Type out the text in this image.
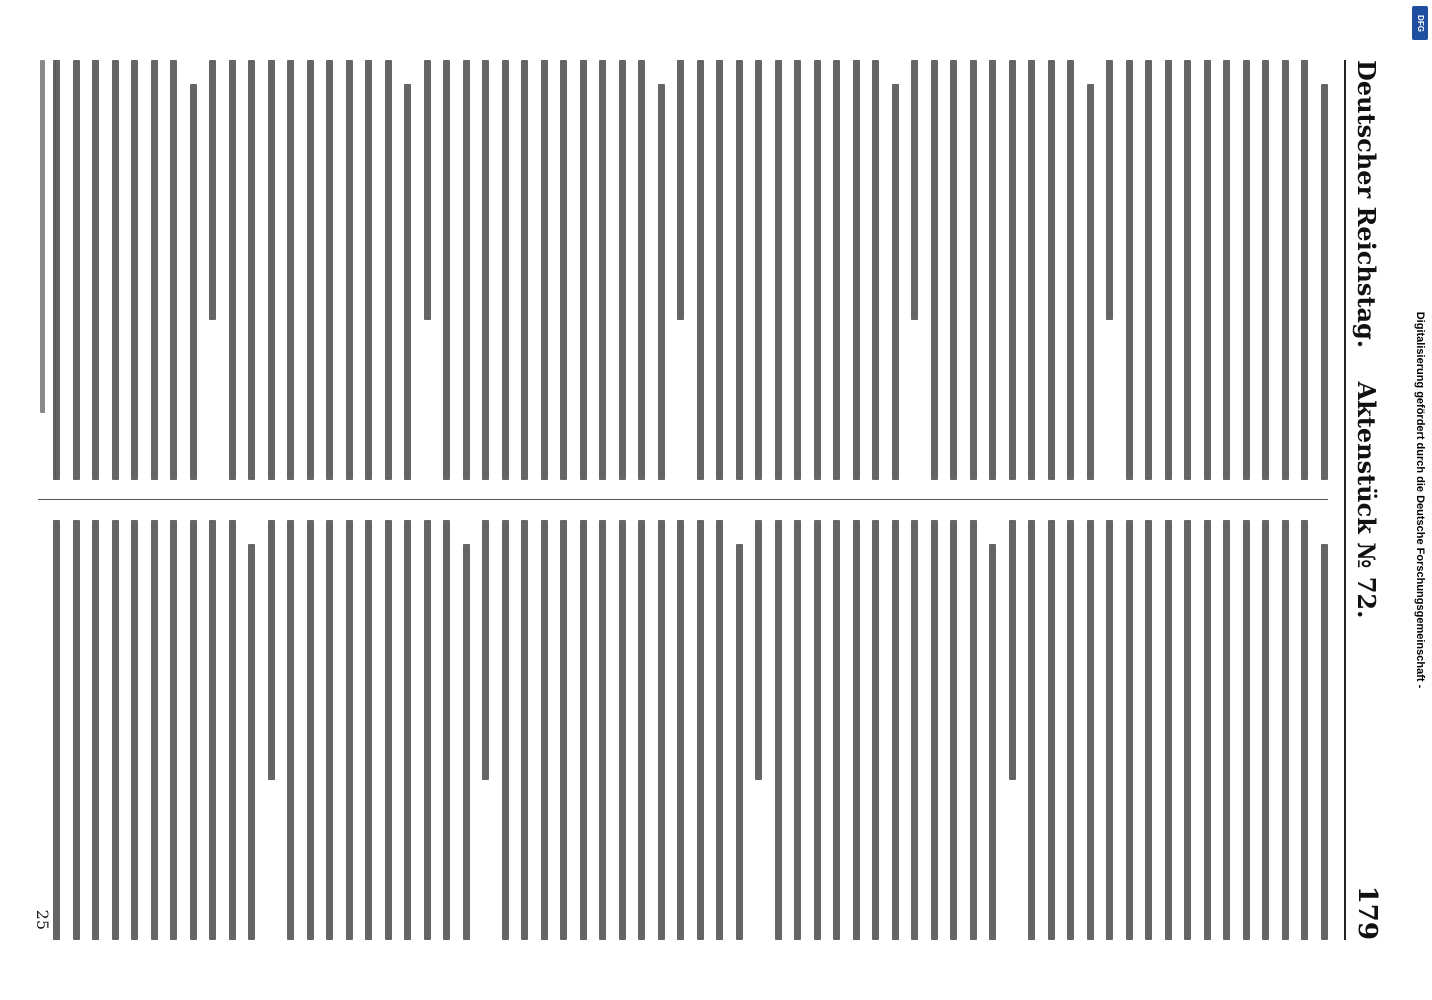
Deutscher Reichstag.
Aktenstück № 72.
179
25
DFG
Digitalisierung gefördert durch die Deutsche Forschungsgemeinschaft -
